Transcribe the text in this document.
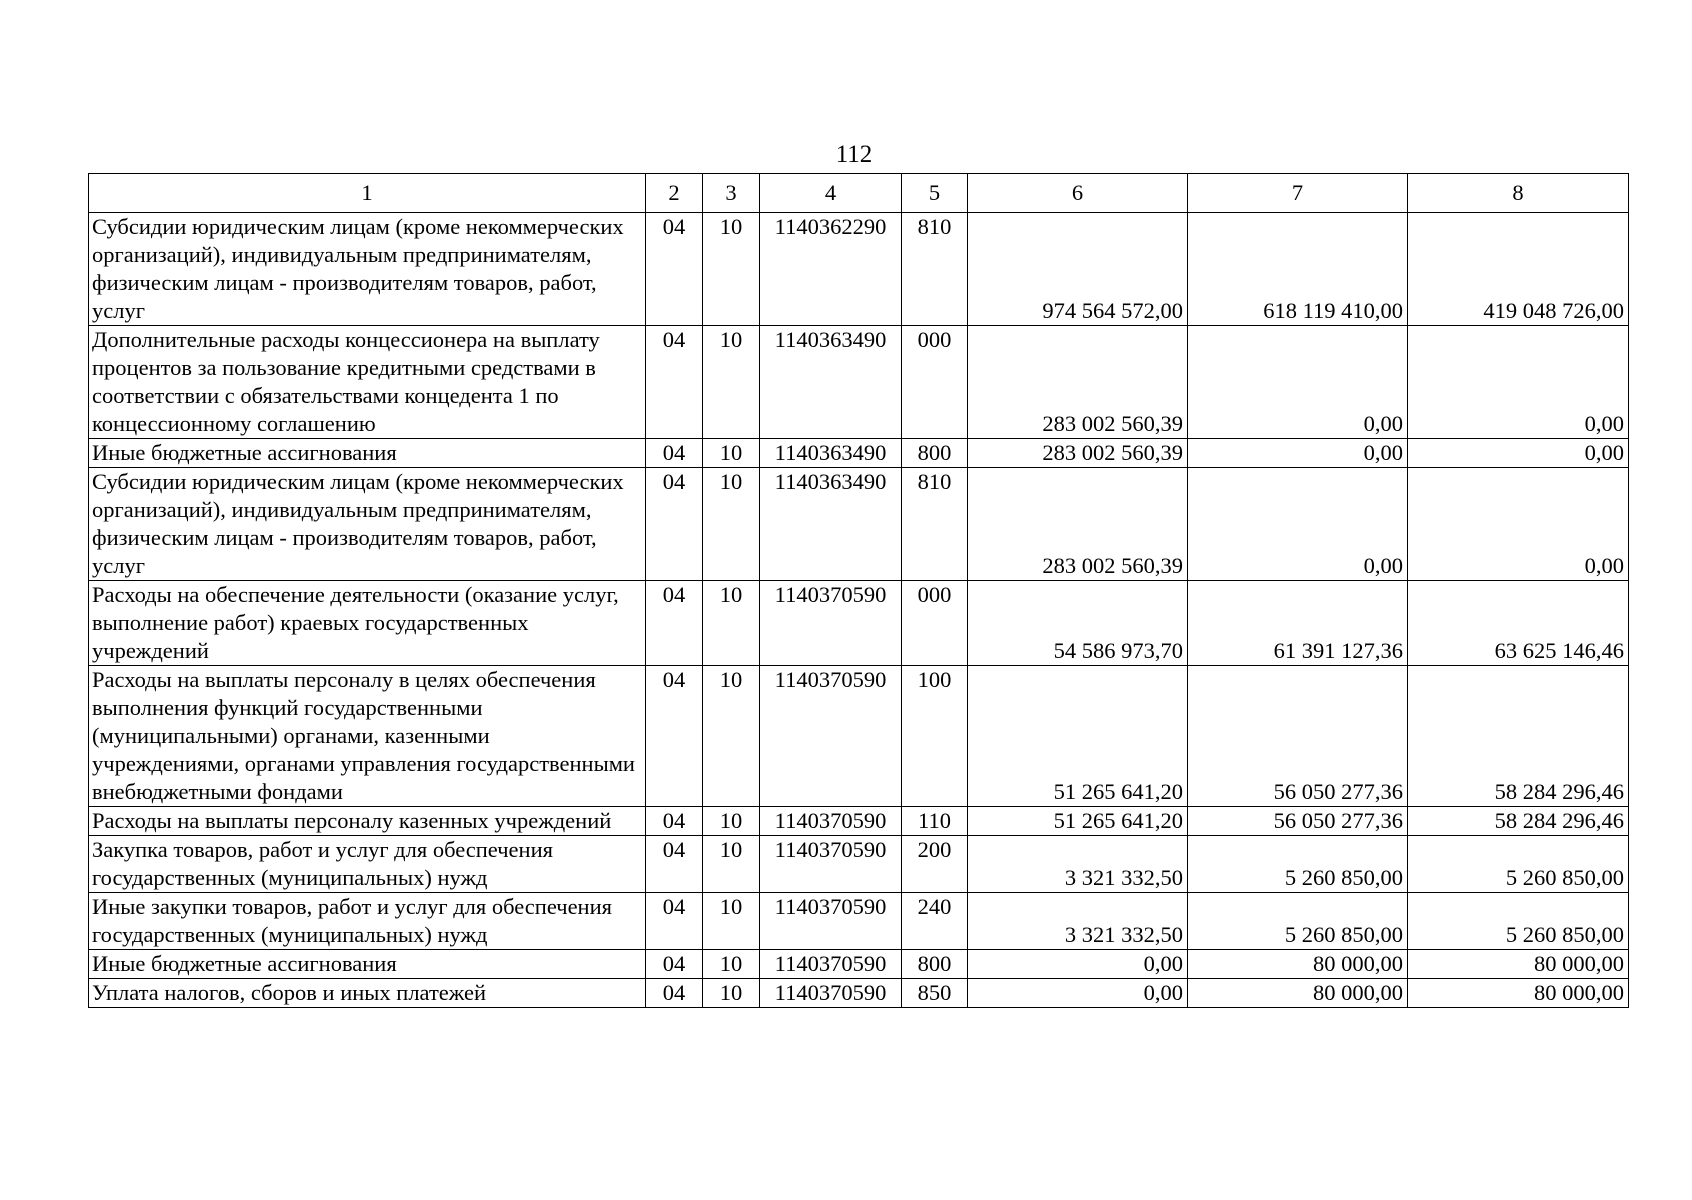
112
1	2	3	4	5	6	7	8
Субсидии юридическим лицам (кроме некоммерческих организаций), индивидуальным предпринимателям, физическим лицам - производителям товаров, работ, услуг	04	10	1140362290	810	974 564 572,00	618 119 410,00	419 048 726,00
Дополнительные расходы концессионера на выплату процентов за пользование кредитными средствами в соответствии с обязательствами концедента 1 по концессионному соглашению	04	10	1140363490	000	283 002 560,39	0,00	0,00
Иные бюджетные ассигнования	04	10	1140363490	800	283 002 560,39	0,00	0,00
Субсидии юридическим лицам (кроме некоммерческих организаций), индивидуальным предпринимателям, физическим лицам - производителям товаров, работ, услуг	04	10	1140363490	810	283 002 560,39	0,00	0,00
Расходы на обеспечение деятельности (оказание услуг, выполнение работ) краевых государственных учреждений	04	10	1140370590	000	54 586 973,70	61 391 127,36	63 625 146,46
Расходы на выплаты персоналу в целях обеспечения выполнения функций государственными (муниципальными) органами, казенными учреждениями, органами управления государственными внебюджетными фондами	04	10	1140370590	100	51 265 641,20	56 050 277,36	58 284 296,46
Расходы на выплаты персоналу казенных учреждений	04	10	1140370590	110	51 265 641,20	56 050 277,36	58 284 296,46
Закупка товаров, работ и услуг для обеспечения государственных (муниципальных) нужд	04	10	1140370590	200	3 321 332,50	5 260 850,00	5 260 850,00
Иные закупки товаров, работ и услуг для обеспечения государственных (муниципальных) нужд	04	10	1140370590	240	3 321 332,50	5 260 850,00	5 260 850,00
Иные бюджетные ассигнования	04	10	1140370590	800	0,00	80 000,00	80 000,00
Уплата налогов, сборов и иных платежей	04	10	1140370590	850	0,00	80 000,00	80 000,00
